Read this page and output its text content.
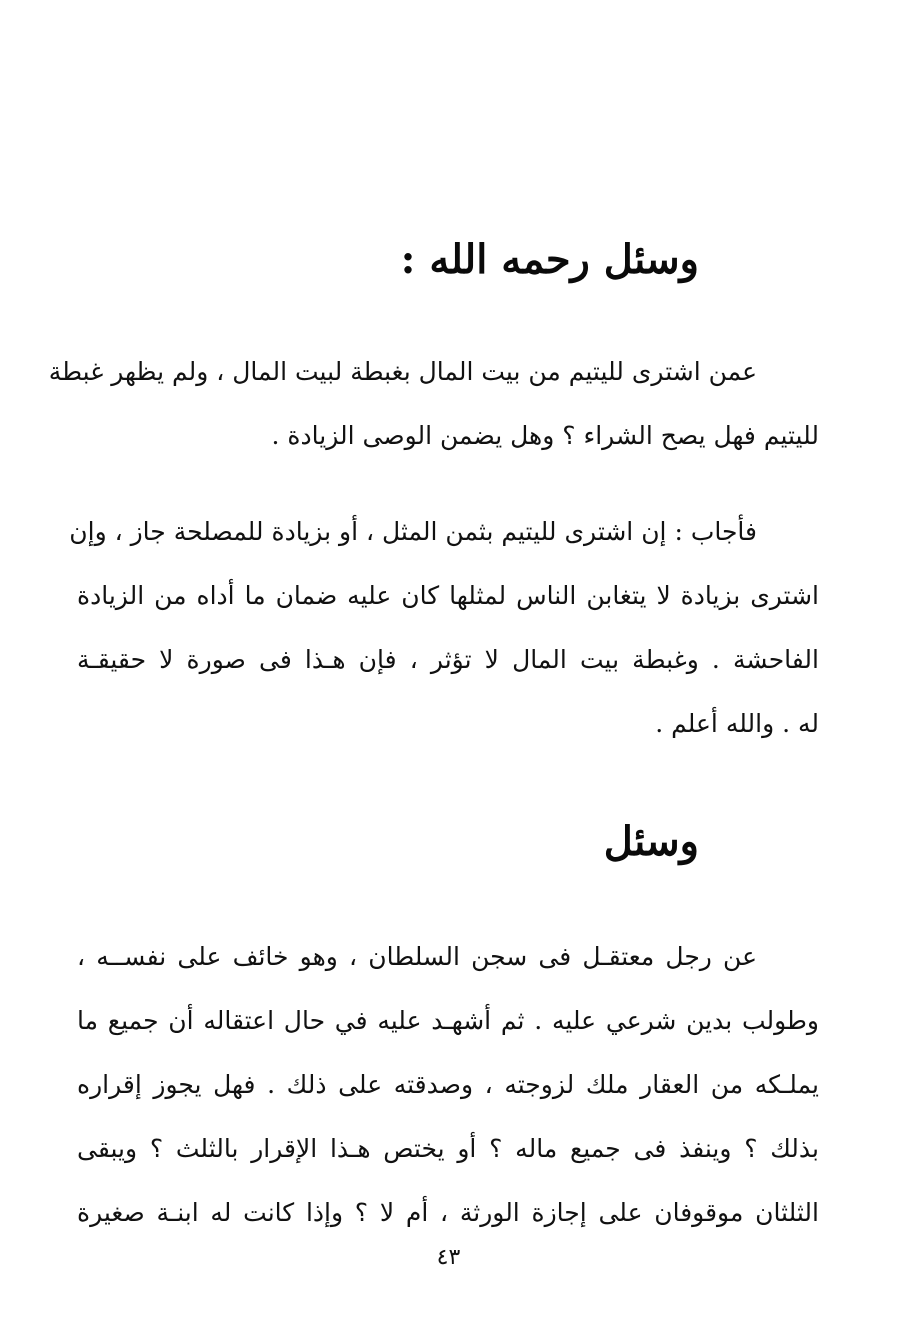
وسئل رحمه الله :
عمن اشترى لليتيم من بيت المال بغبطة لبيت المال ، ولم يظهر غبطة
لليتيم فهل يصح الشراء ؟ وهل يضمن الوصى الزيادة .
فأجاب : إن اشترى لليتيم بثمن المثل ، أو بزيادة للمصلحة جاز ، وإن
اشترى بزيادة لا يتغابن الناس لمثلها كان عليه ضمان ما أداه من الزيادة
الفاحشة . وغبطة بيت المال لا تؤثر ، فإن هـذا فى صورة لا حقيقـة
له . والله أعلم .
وسئل
عن رجل معتقـل فى سجن السلطان ، وهو خائف على نفســه ،
وطولب بدين شرعي عليه . ثم أشهـد عليه في حال اعتقاله أن جميع ما
يملـكه من العقار ملك لزوجته ، وصدقته على ذلك . فهل يجوز إقراره
بذلك ؟ وينفذ فى جميع ماله ؟ أو يختص هـذا الإقرار بالثلث ؟ ويبقى
الثلثان موقوفان على إجازة الورثة ، أم لا ؟ وإذا كانت له ابنـة صغيرة
٤٣
